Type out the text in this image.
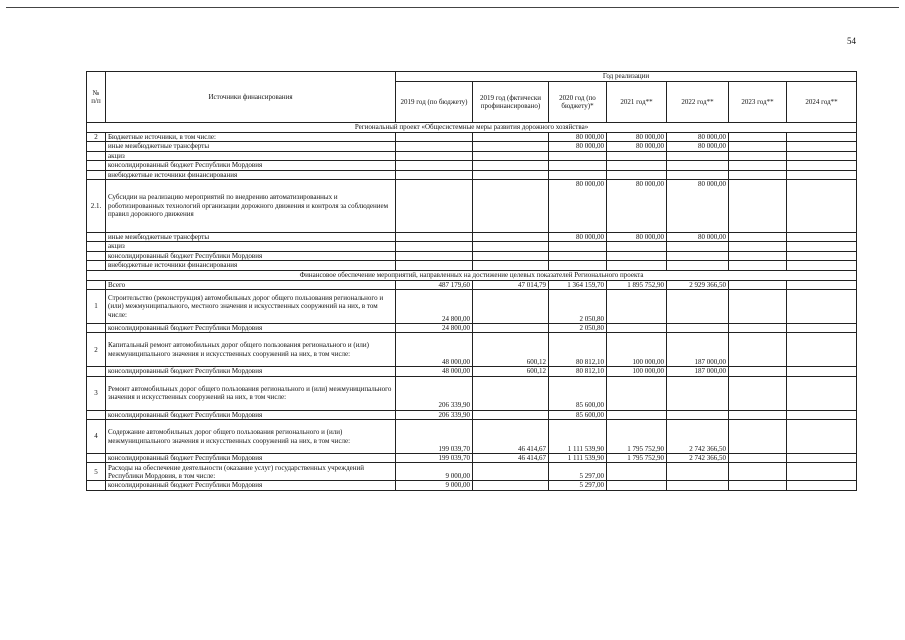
54
№
п/п	Источники финансирования	Год реализации						
		2019 год (по бюджету)	2019 год (фктически профинансировано)	2020 год (по бюджету)*	2021 год**	2022 год**	2023 год**	2024 год**
Региональный проект «Общесистемные меры развития дорожного хозяйства»								
2	Бюджетные источники, в том числе:			80 000,00	80 000,00	80 000,00		
	иные межбюджетные трансферты			80 000,00	80 000,00	80 000,00		
	акциз							
	консолидированный бюджет Республики Мордовия							
	внебюджетные источники финансирования							
2.1.	Субсидии на реализацию мероприятий по внедрению автоматизированных и роботизированных технологий организации дорожного движения и контроля за соблюдением правил дорожного движения			80 000,00	80 000,00	80 000,00		
	иные межбюджетные трансферты			80 000,00	80 000,00	80 000,00		
	акциз							
	консолидированный бюджет Республики Мордовия							
	внебюджетные источники финансирования							
Финансовое обеспечение мероприятий, направленных на достижение целевых показателей Регионального проекта								
	Всего	487 179,60	47 014,79	1 364 159,70	1 895 752,90	2 929 366,50		
1	Строительство (реконструкция) автомобильных дорог общего пользования регионального и (или) межмуниципального, местного значения и искусственных сооружений на них, в том числе:	24 800,00		2 050,80				
	консолидированный бюджет Республики Мордовия	24 800,00		2 050,80				
2	Капитальный ремонт автомобильных дорог общего пользования регионального и (или) межмуниципального значения и искусственных сооружений на них, в том числе:	48 000,00	600,12	80 812,10	100 000,00	187 000,00		
	консолидированный бюджет Республики Мордовия	48 000,00	600,12	80 812,10	100 000,00	187 000,00		
3	Ремонт автомобильных дорог общего пользования регионального и (или) межмуниципального значения и искусственных сооружений на них, в том числе:	206 339,90		85 600,00				
	консолидированный бюджет Республики Мордовия	206 339,90		85 600,00				
4	Содержание автомобильных дорог общего пользования регионального и (или) межмуниципального значения и искусственных сооружений на них, в том числе:	199 039,70	46 414,67	1 111 539,90	1 795 752,90	2 742 366,50		
	консолидированный бюджет Республики Мордовия	199 039,70	46 414,67	1 111 539,90	1 795 752,90	2 742 366,50		
5	Расходы на обеспечение деятельности (оказание услуг) государственных учреждений Республики Мордовия, в том числе:	9 000,00		5 297,00				
	консолидированный бюджет Республики Мордовия	9 000,00		5 297,00				
